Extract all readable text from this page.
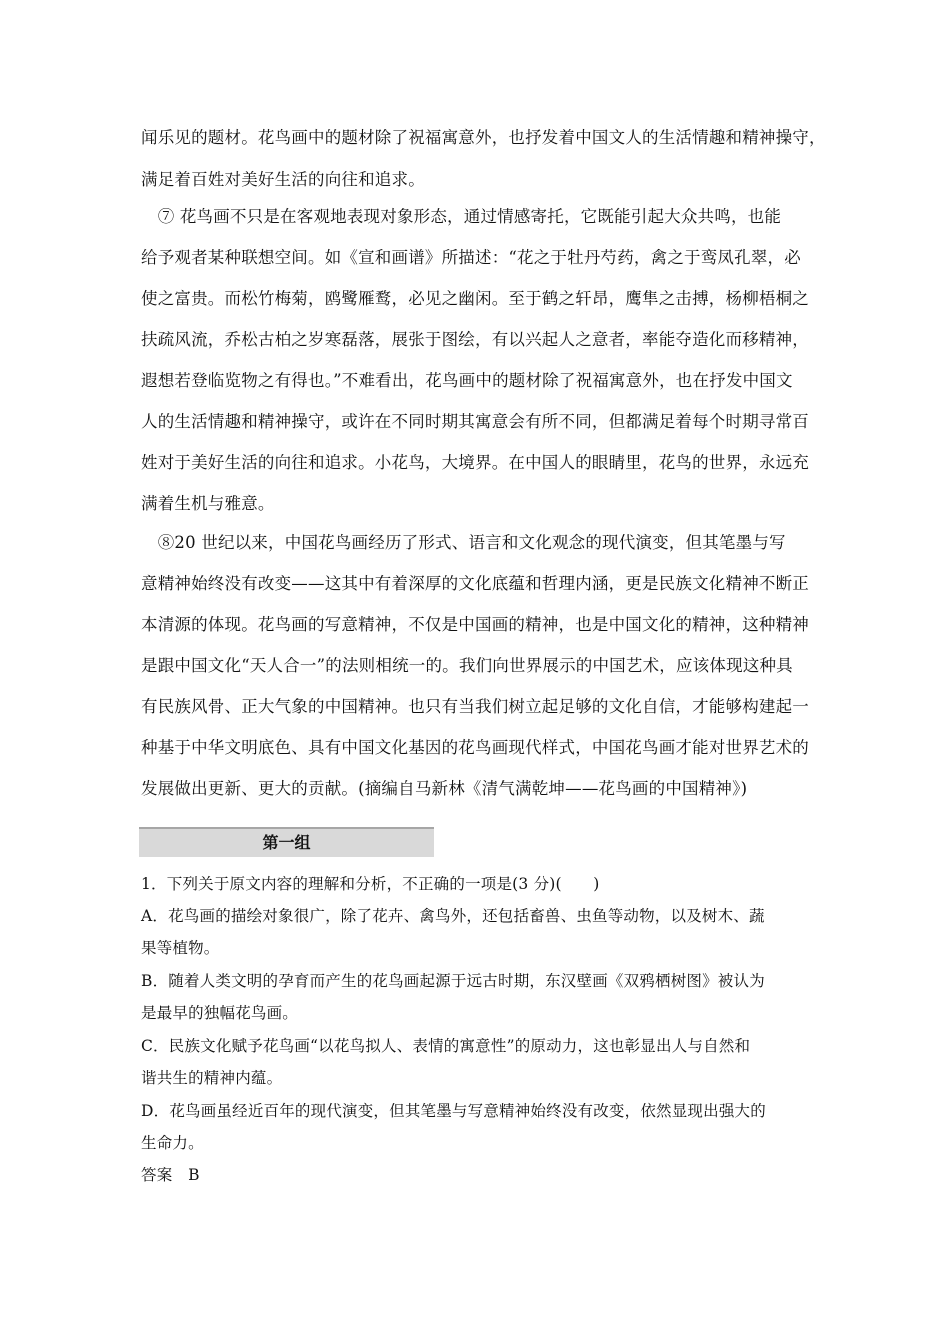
闻乐见的题材。花鸟画中的题材除了祝福寓意外，也抒发着中国文人的生活情趣和精神操守，
满足着百姓对美好生活的向往和追求。
　⑦ 花鸟画不只是在客观地表现对象形态，通过情感寄托，它既能引起大众共鸣，也能
给予观者某种联想空间。如《宣和画谱》所描述：“花之于牡丹芍药，禽之于鸾凤孔翠，必
使之富贵。而松竹梅菊，鸥鹭雁鹜，必见之幽闲。至于鹤之轩昂，鹰隼之击搏，杨柳梧桐之
扶疏风流，乔松古柏之岁寒磊落，展张于图绘，有以兴起人之意者，率能夺造化而移精神，
遐想若登临览物之有得也。”不难看出，花鸟画中的题材除了祝福寓意外，也在抒发中国文
人的生活情趣和精神操守，或许在不同时期其寓意会有所不同，但都满足着每个时期寻常百
姓对于美好生活的向往和追求。小花鸟，大境界。在中国人的眼睛里，花鸟的世界，永远充
满着生机与雅意。
　⑧20 世纪以来，中国花鸟画经历了形式、语言和文化观念的现代演变，但其笔墨与写
意精神始终没有改变——这其中有着深厚的文化底蕴和哲理内涵，更是民族文化精神不断正
本清源的体现。花鸟画的写意精神，不仅是中国画的精神，也是中国文化的精神，这种精神
是跟中国文化“天人合一”的法则相统一的。我们向世界展示的中国艺术，应该体现这种具
有民族风骨、正大气象的中国精神。也只有当我们树立起足够的文化自信，才能够构建起一
种基于中华文明底色、具有中国文化基因的花鸟画现代样式，中国花鸟画才能对世界艺术的
发展做出更新、更大的贡献。(摘编自马新林《清气满乾坤——花鸟画的中国精神》)
第一组
1．下列关于原文内容的理解和分析，不正确的一项是(3 分)(　　)
A．花鸟画的描绘对象很广，除了花卉、禽鸟外，还包括畜兽、虫鱼等动物，以及树木、蔬
果等植物。
B．随着人类文明的孕育而产生的花鸟画起源于远古时期，东汉壁画《双鸦栖树图》被认为
是最早的独幅花鸟画。
C．民族文化赋予花鸟画“以花鸟拟人、表情的寓意性”的原动力，这也彰显出人与自然和
谐共生的精神内蕴。
D．花鸟画虽经近百年的现代演变，但其笔墨与写意精神始终没有改变，依然显现出强大的
生命力。
答案　B
